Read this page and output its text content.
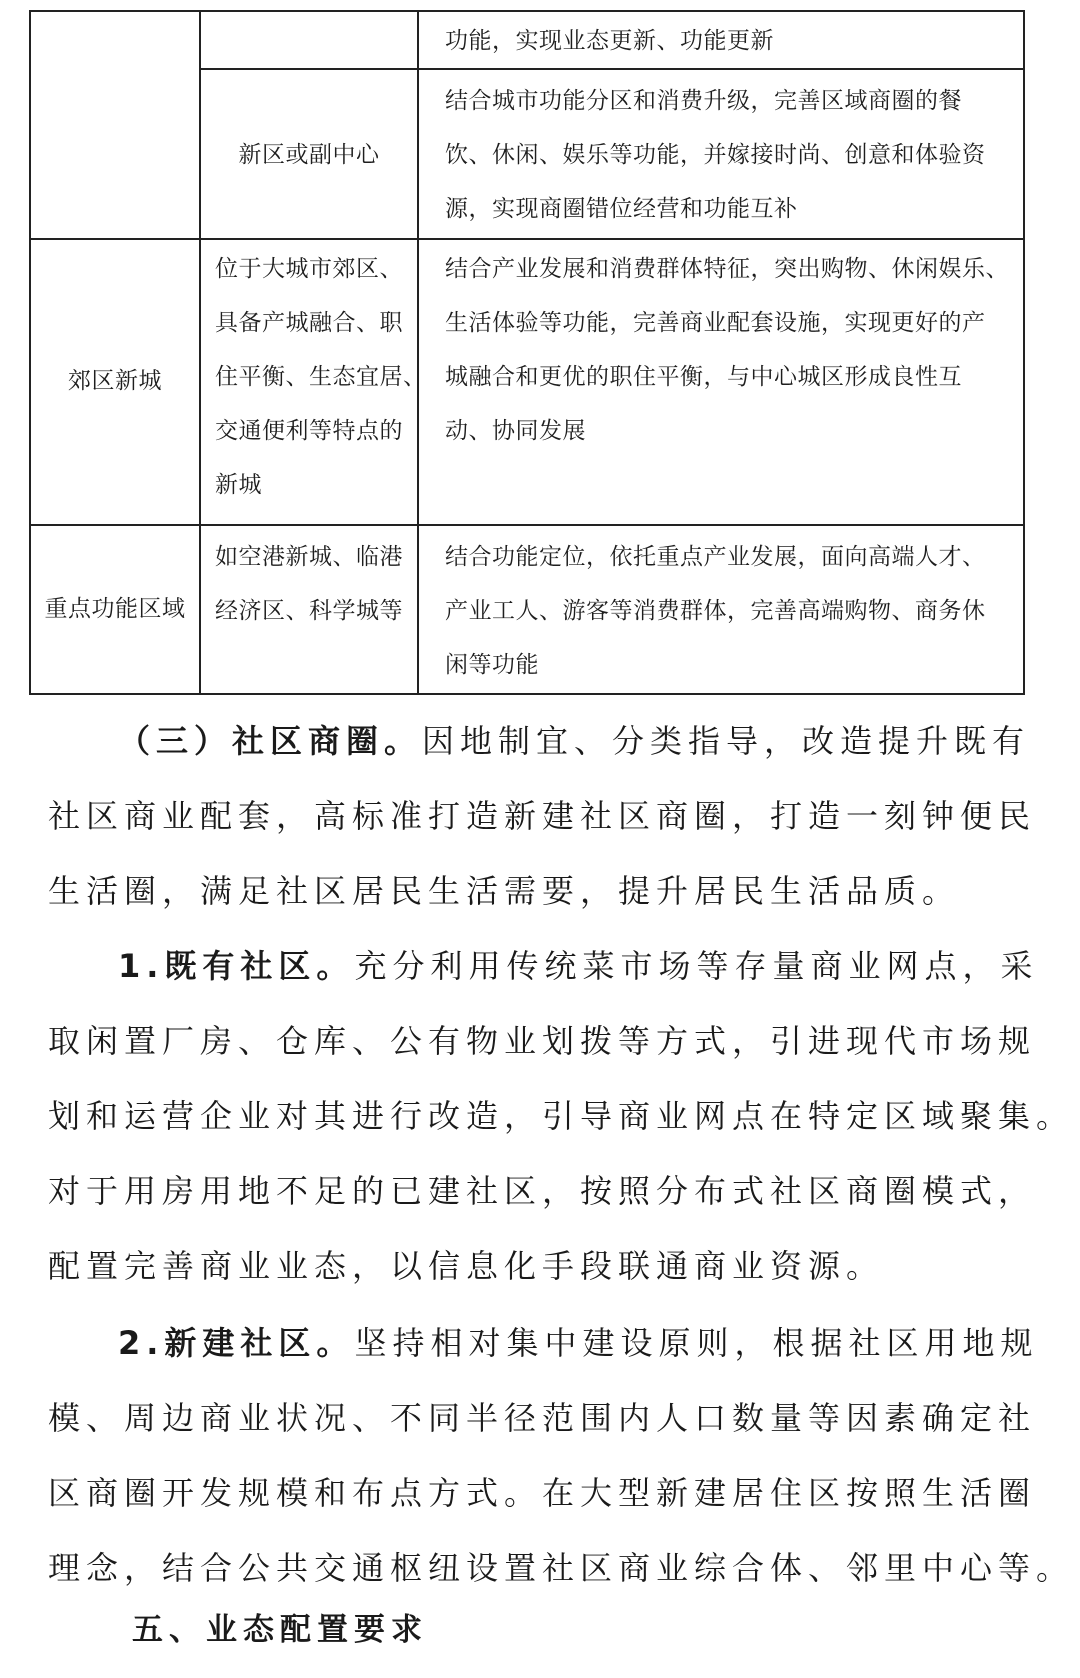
功能，实现业态更新、功能更新
新区或副中心
结合城市功能分区和消费升级，完善区域商圈的餐
饮、休闲、娱乐等功能，并嫁接时尚、创意和体验资
源，实现商圈错位经营和功能互补
郊区新城
位于大城市郊区、
具备产城融合、职
住平衡、生态宜居、
交通便利等特点的
新城
结合产业发展和消费群体特征，突出购物、休闲娱乐、
生活体验等功能，完善商业配套设施，实现更好的产
城融合和更优的职住平衡，与中心城区形成良性互
动、协同发展
重点功能区域
如空港新城、临港
经济区、科学城等
结合功能定位，依托重点产业发展，面向高端人才、
产业工人、游客等消费群体，完善高端购物、商务休
闲等功能
（三）社区商圈。因地制宜、分类指导，改造提升既有
社区商业配套，高标准打造新建社区商圈，打造一刻钟便民
生活圈，满足社区居民生活需要，提升居民生活品质。
1.既有社区。充分利用传统菜市场等存量商业网点，采
取闲置厂房、仓库、公有物业划拨等方式，引进现代市场规
划和运营企业对其进行改造，引导商业网点在特定区域聚集。
对于用房用地不足的已建社区，按照分布式社区商圈模式，
配置完善商业业态，以信息化手段联通商业资源。
2.新建社区。坚持相对集中建设原则，根据社区用地规
模、周边商业状况、不同半径范围内人口数量等因素确定社
区商圈开发规模和布点方式。在大型新建居住区按照生活圈
理念，结合公共交通枢纽设置社区商业综合体、邻里中心等。
五、业态配置要求
